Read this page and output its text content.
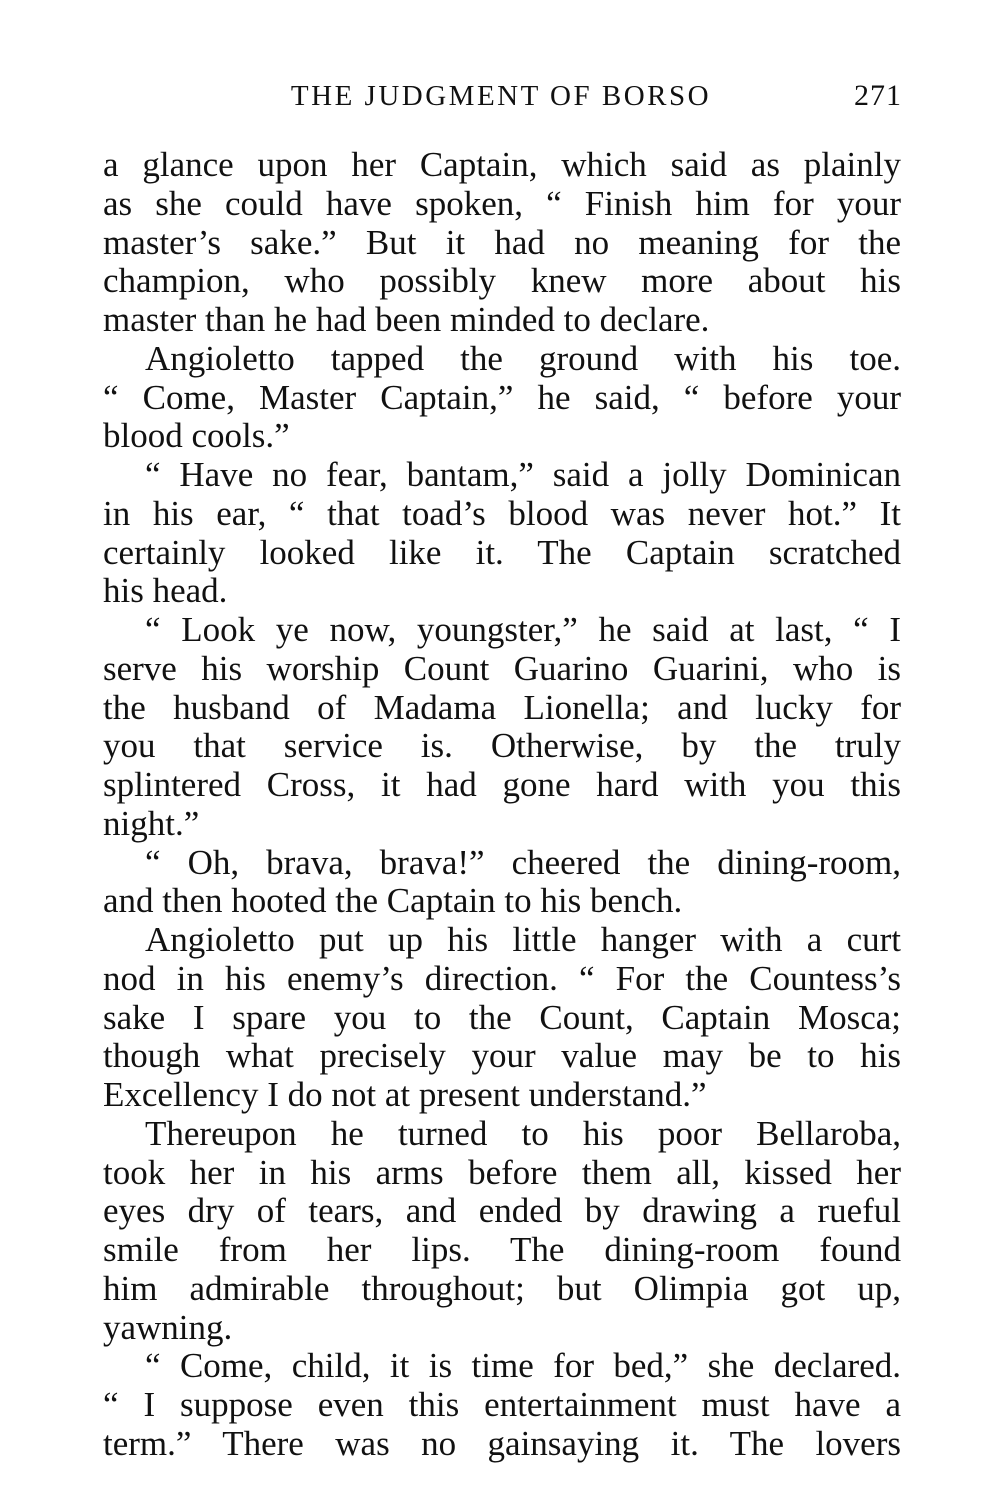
THE JUDGMENT OF BORSO	271
a glance upon her Captain, which said as plainly
as she could have spoken, “ Finish him for your
master’s sake.” But it had no meaning for the
champion, who possibly knew more about his
master than he had been minded to declare.
Angioletto tapped the ground with his toe.
“ Come, Master Captain,” he said, “ before your
blood cools.”
“ Have no fear, bantam,” said a jolly Dominican
in his ear, “ that toad’s blood was never hot.” It
certainly looked like it. The Captain scratched
his head.
“ Look ye now, youngster,” he said at last, “ I
serve his worship Count Guarino Guarini, who is
the husband of Madama Lionella; and lucky for
you that service is. Otherwise, by the truly
splintered Cross, it had gone hard with you this
night.”
“ Oh, brava, brava!” cheered the dining-room,
and then hooted the Captain to his bench.
Angioletto put up his little hanger with a curt
nod in his enemy’s direction. “ For the Countess’s
sake I spare you to the Count, Captain Mosca;
though what precisely your value may be to his
Excellency I do not at present understand.”
Thereupon he turned to his poor Bellaroba,
took her in his arms before them all, kissed her
eyes dry of tears, and ended by drawing a rueful
smile from her lips. The dining-room found
him admirable throughout; but Olimpia got up,
yawning.
“ Come, child, it is time for bed,” she declared.
“ I suppose even this entertainment must have a
term.” There was no gainsaying it. The lovers
